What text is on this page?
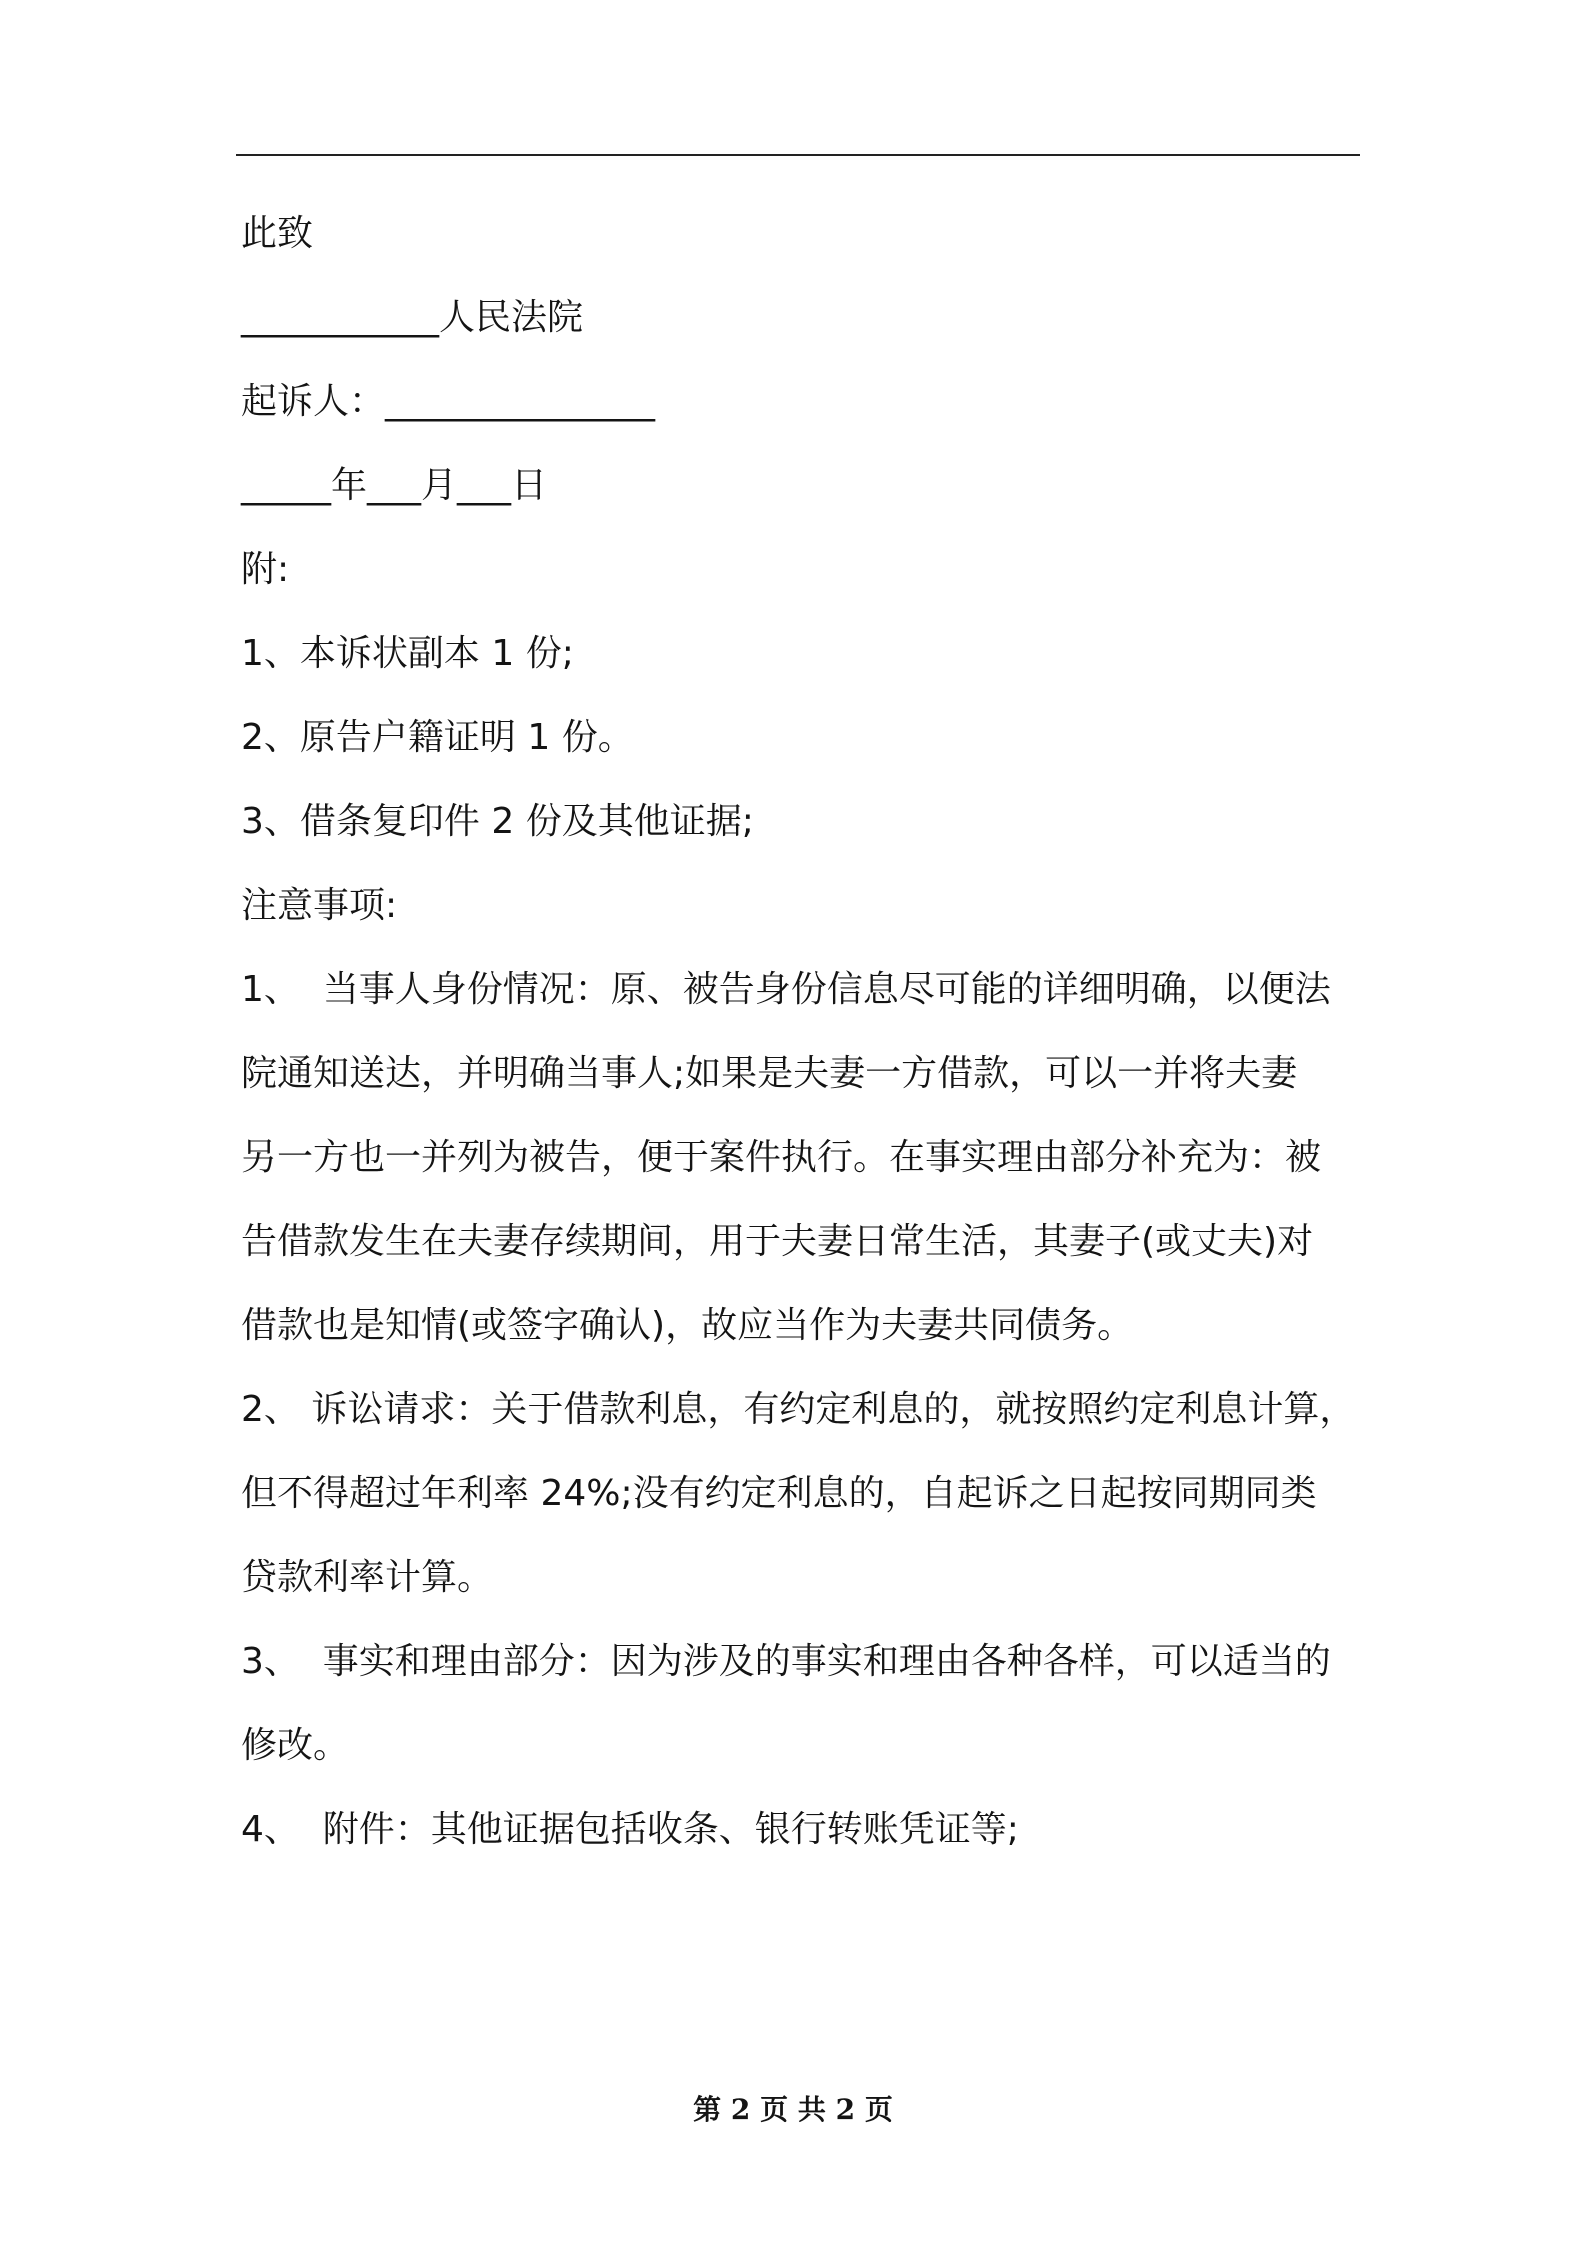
此致
___________人民法院
起诉人：_______________
_____年___月___日
附:
1、本诉状副本 1 份;
2、原告户籍证明 1 份。
3、借条复印件 2 份及其他证据;
注意事项:
1、  当事人身份情况：原、被告身份信息尽可能的详细明确，以便法
院通知送达，并明确当事人;如果是夫妻一方借款，可以一并将夫妻
另一方也一并列为被告，便于案件执行。在事实理由部分补充为：被
告借款发生在夫妻存续期间，用于夫妻日常生活，其妻子(或丈夫)对
借款也是知情(或签字确认)，故应当作为夫妻共同债务。
2、 诉讼请求：关于借款利息，有约定利息的，就按照约定利息计算，
但不得超过年利率 24%;没有约定利息的，自起诉之日起按同期同类
贷款利率计算。
3、  事实和理由部分：因为涉及的事实和理由各种各样，可以适当的
修改。
4、  附件：其他证据包括收条、银行转账凭证等;
第 2 页 共 2 页
